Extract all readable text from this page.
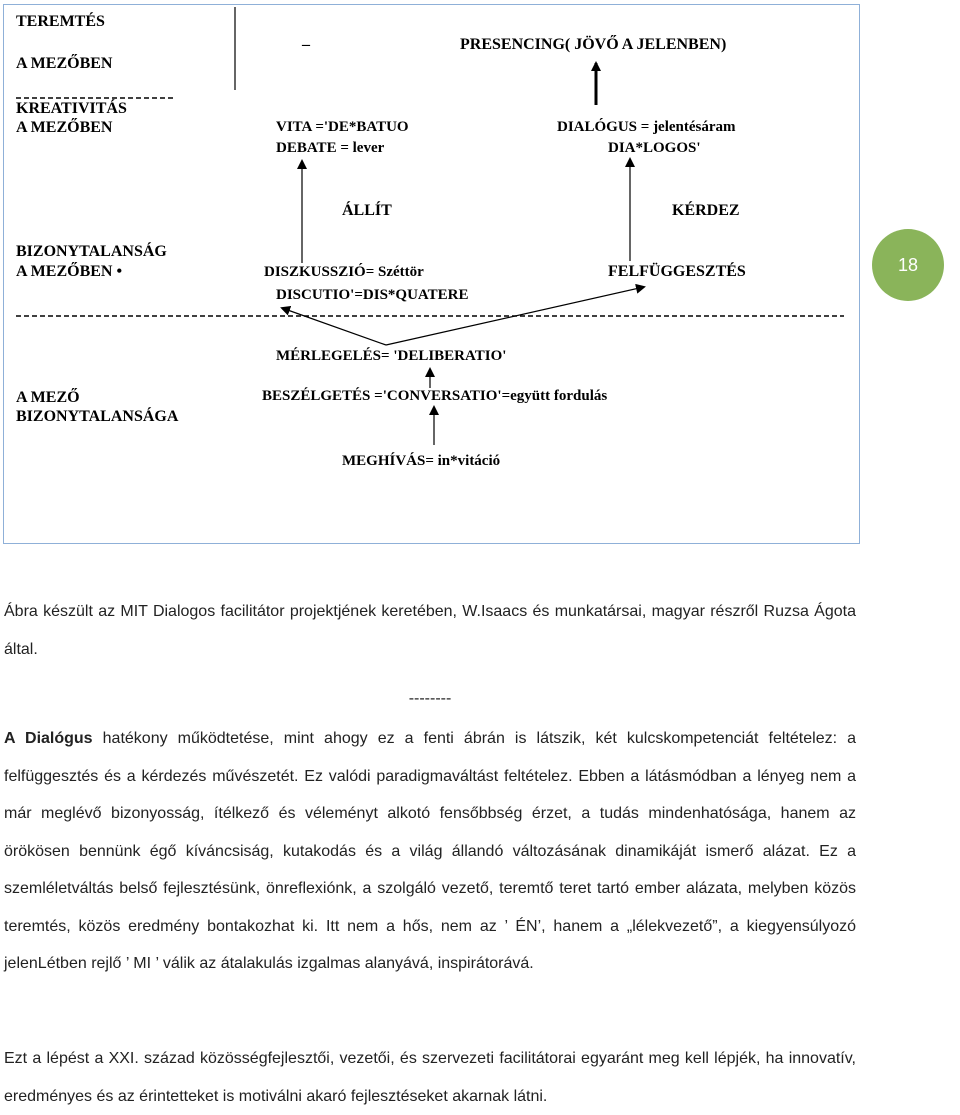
TEREMTÉS
A MEZŐBEN
KREATIVITÁS
A MEZŐBEN
BIZONYTALANSÁG
A MEZŐBEN •
A MEZŐ
BIZONYTALANSÁGA
–	PRESENCING( JÖVŐ A JELENBEN)
VITA ='DE*BATUO
DEBATE = lever
DIALÓGUS = jelentésáram
DIA*LOGOS'
ÁLLÍT	KÉRDEZ
DISZKUSSZIÓ= Széttör
DISCUTIO'=DIS*QUATERE
FELFÜGGESZTÉS
MÉRLEGELÉS= 'DELIBERATIO'
BESZÉLGETÉS ='CONVERSATIO'=együtt fordulás
MEGHÍVÁS= in*vitáció
18

Ábra készült az MIT Dialogos facilitátor projektjének keretében, W.Isaacs és munkatársai, magyar részről Ruzsa Ágota által.

--------

A Dialógus hatékony működtetése, mint ahogy ez a fenti ábrán is látszik, két kulcskompetenciát feltételez: a felfüggesztés és a kérdezés művészetét. Ez valódi paradigmaváltást feltételez. Ebben a látásmódban a lényeg nem a már meglévő bizonyosság, ítélkező és véleményt alkotó fensőbbség érzet, a tudás mindenhatósága, hanem az örökösen bennünk égő kíváncsiság, kutakodás és a világ állandó változásának dinamikáját ismerő alázat. Ez a szemléletváltás belső fejlesztésünk, önreflexiónk, a szolgáló vezető, teremtő teret tartó ember alázata, melyben közös teremtés, közös eredmény bontakozhat ki. Itt nem a hős, nem az ’ ÉN’, hanem a „lélekvezető”, a kiegyensúlyozó jelenLétben rejlő ’ MI ’ válik az átalakulás izgalmas alanyává, inspirátorává.

Ezt a lépést a XXI. század közösségfejlesztői, vezetői, és szervezeti facilitátorai egyaránt meg kell lépjék, ha innovatív, eredményes és az érintetteket is motiválni akaró fejlesztéseket akarnak látni.
